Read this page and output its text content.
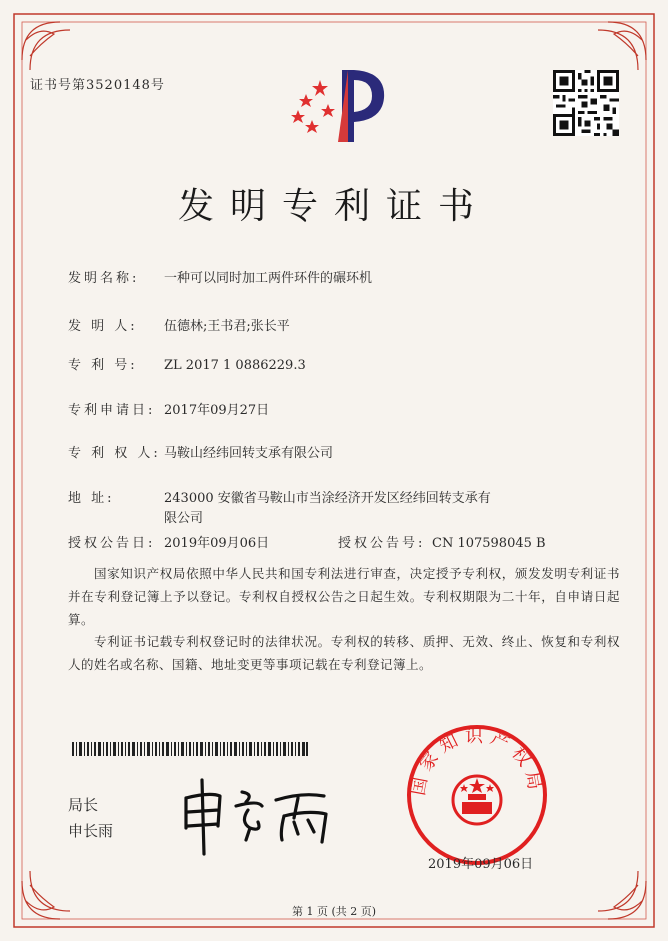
证书号第3520148号
发明专利证书
发明名称: 一种可以同时加工两件环件的碾环机
发 明 人: 伍德林;王书君;张长平
专 利 号: ZL 2017 1 0886229.3
专利申请日: 2017年09月27日
专 利 权 人: 马鞍山经纬回转支承有限公司
地 址:	243000 安徽省马鞍山市当涂经济开发区经纬回转支承有
限公司
授权公告日: 2019年09月06日	授权公告号: CN 107598045 B
国家知识产权局依照中华人民共和国专利法进行审查，决定授予专利权，颁发发明专利证书并在专利登记簿上予以登记。专利权自授权公告之日起生效。专利权期限为二十年，自申请日起算。
专利证书记载专利权登记时的法律状况。专利权的转移、质押、无效、终止、恢复和专利权人的姓名或名称、国籍、地址变更等事项记载在专利登记簿上。
局长
申长雨
国家知识产权局
2019年09月06日
第 1 页 (共 2 页)
